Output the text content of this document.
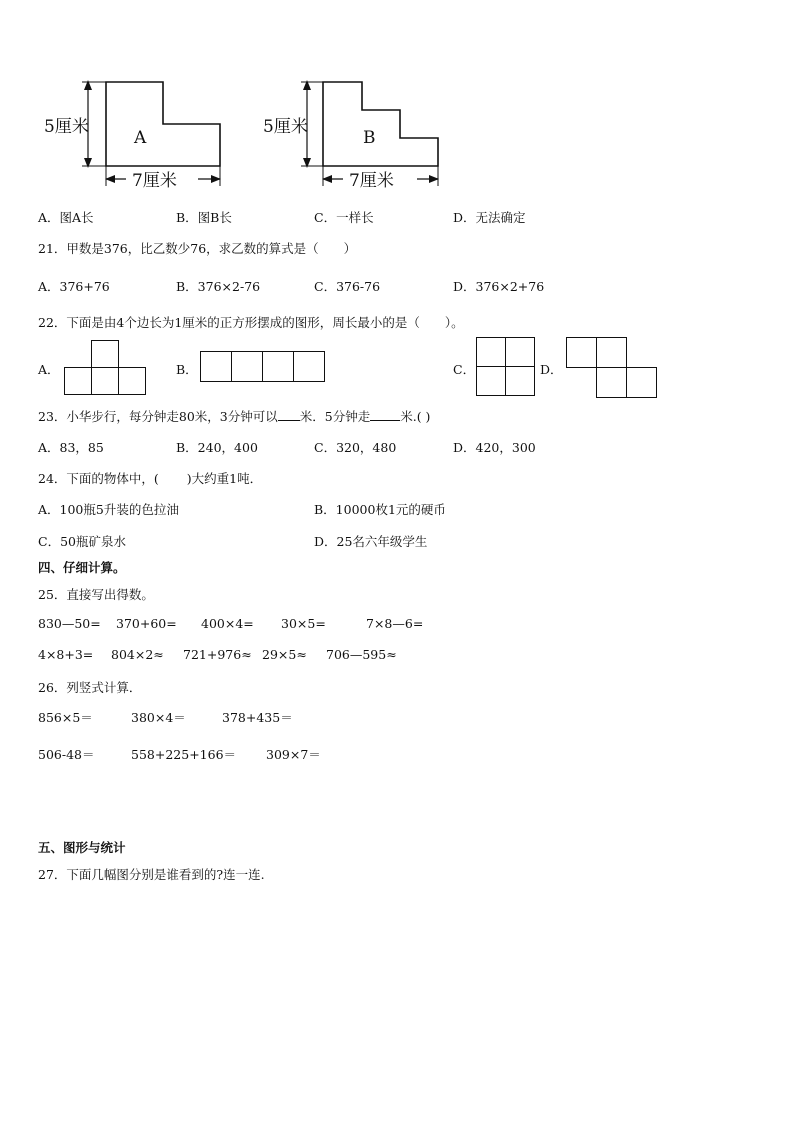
5厘米
7厘米
A
5厘米
7厘米
B
A．图A长	B．图B长	C．一样长	D．无法确定
21．甲数是376，比乙数少76，求乙数的算式是（　　）
A．376+76	B．376×2-76	C．376-76	D．376×2+76
22．下面是由4个边长为1厘米的正方形摆成的图形，周长最小的是（　　）。
A．	B．	C．	D．
23．小华步行，每分钟走80米，3分钟可以 米．5分钟走 米.( )
A．83，85	B．240，400	C．320，480	D．420，300
24．下面的物体中，( )大约重1吨．
A．100瓶5升装的色拉油	B．10000枚1元的硬币
C．50瓶矿泉水	D．25名六年级学生
四、仔细计算。
25．直接写出得数。
830—50= 370+60= 400×4= 30×5=	7×8—6=
4×8+3= 804×2≈ 721+976≈ 29×5≈ 706—595≈
26．列竖式计算．
856×5＝	380×4＝	378+435＝
506-48＝	558+225+166＝ 309×7＝
五、图形与统计
27．下面几幅图分别是谁看到的?连一连.
